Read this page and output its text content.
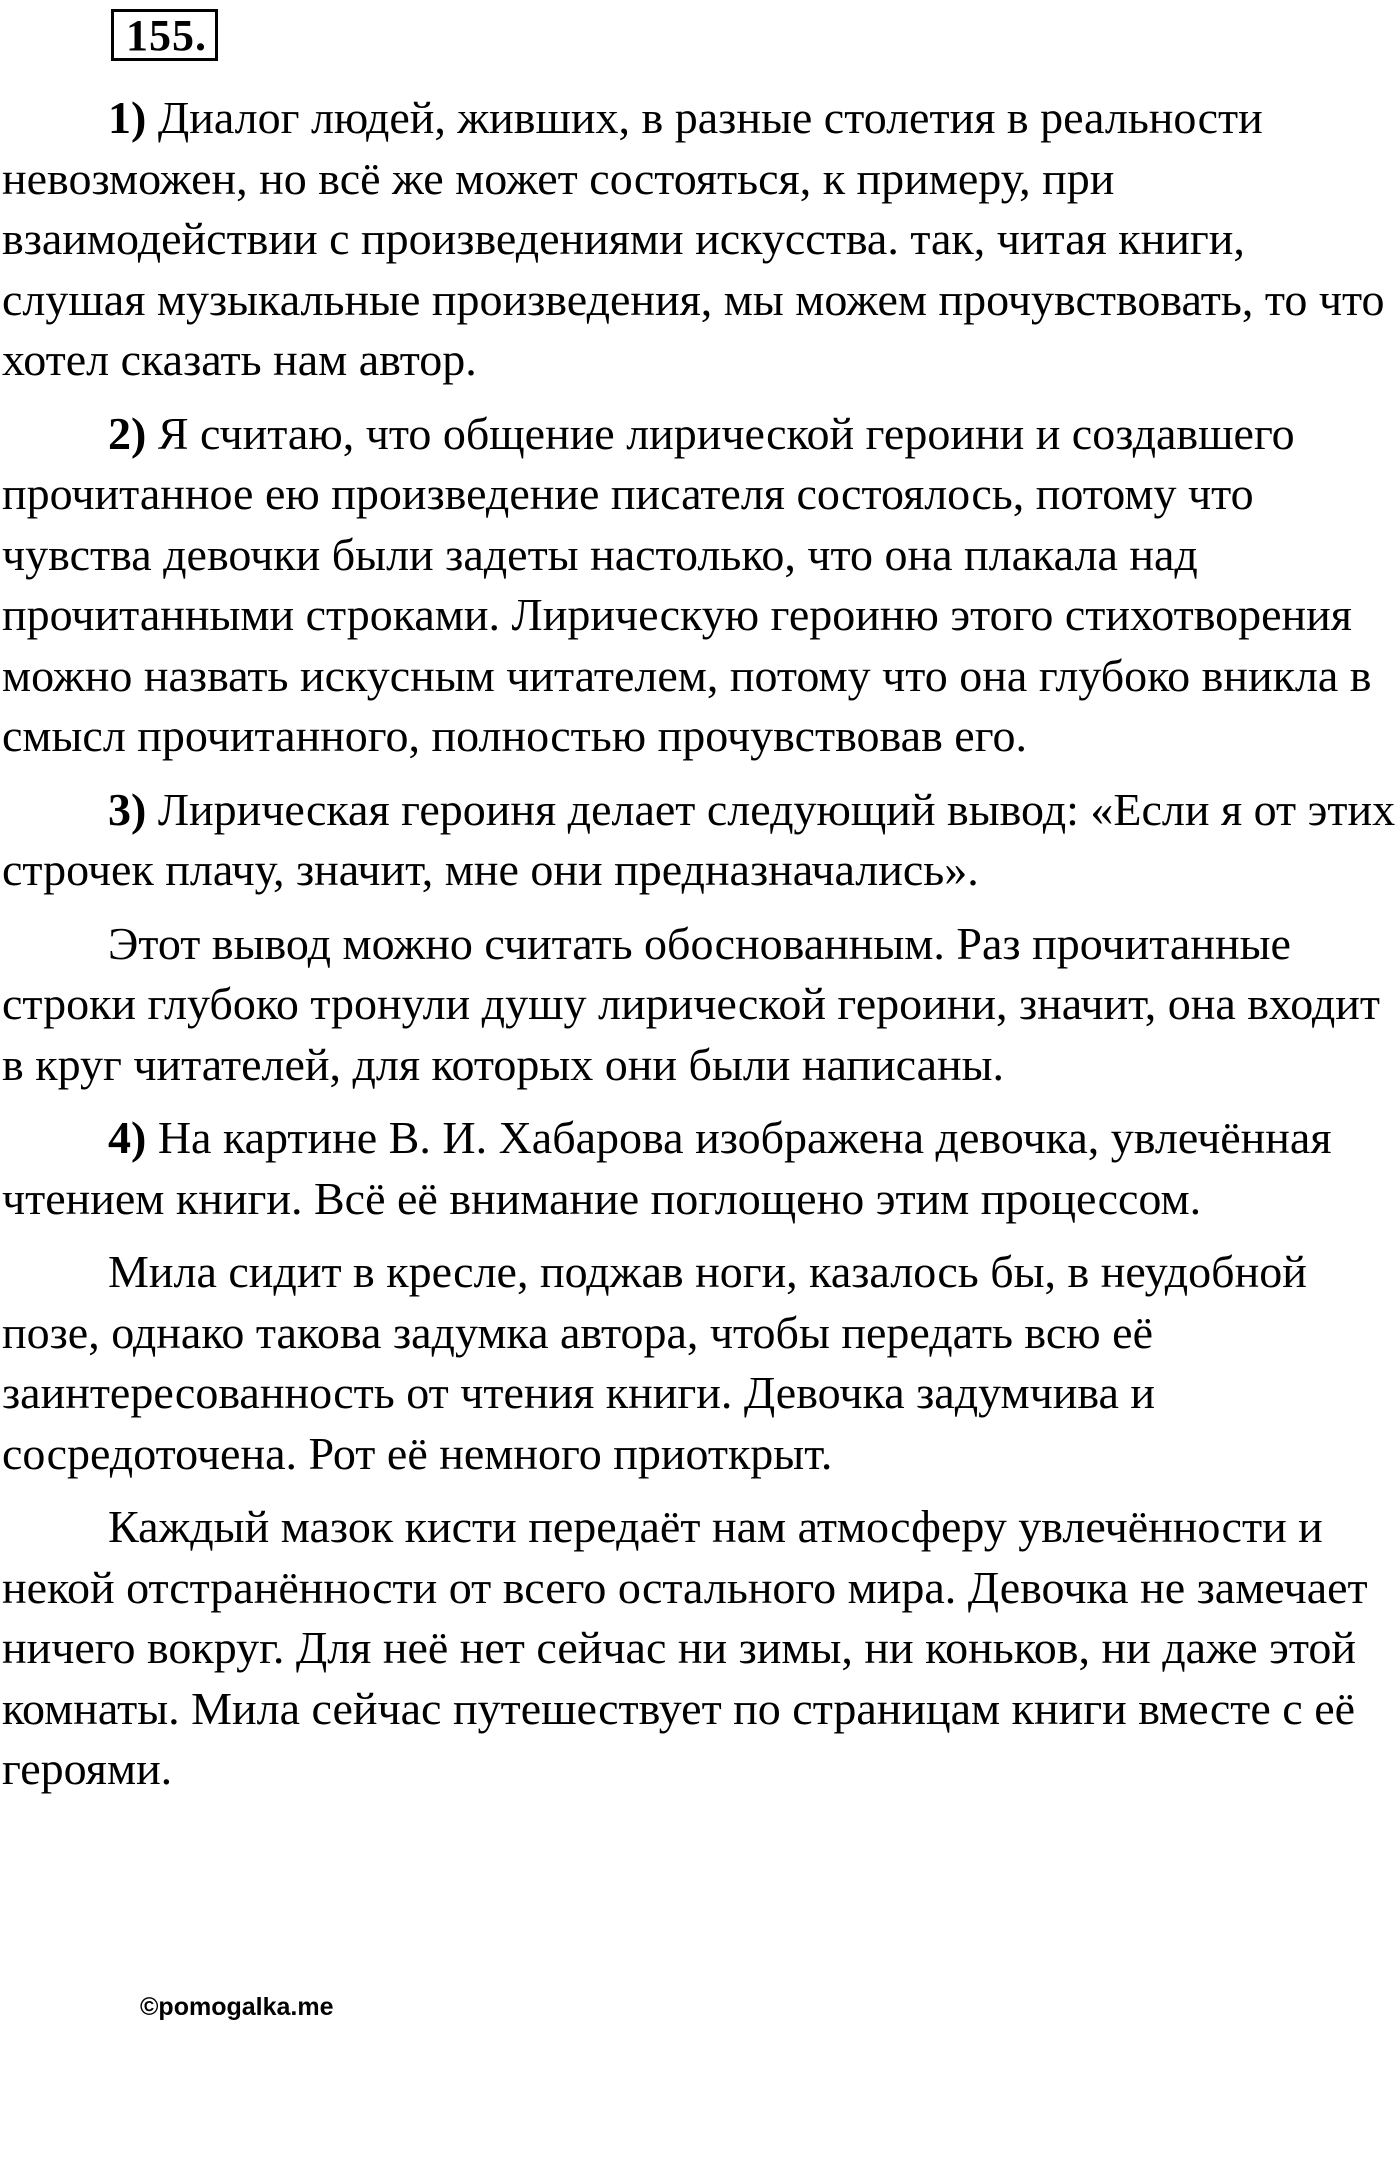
155.

1) Диалог людей, живших, в разные столетия в реальности невозможен, но всё же может состояться, к примеру, при взаимодействии с произведениями искусства. так, читая книги, слушая музыкальные произведения, мы можем прочувствовать, то что хотел сказать нам автор.

2) Я считаю, что общение лирической героини и создавшего прочитанное ею произведение писателя состоялось, потому что чувства девочки были задеты настолько, что она плакала над прочитанными строками. Лирическую героиню этого стихотворения можно назвать искусным читателем, потому что она глубоко вникла в смысл прочитанного, полностью прочувствовав его.

3) Лирическая героиня делает следующий вывод: «Если я от этих строчек плачу, значит, мне они предназначались».

Этот вывод можно считать обоснованным. Раз прочитанные строки глубоко тронули душу лирической героини, значит, она входит в круг читателей, для которых они были написаны.

4) На картине В. И. Хабарова изображена девочка, увлечённая чтением книги. Всё её внимание поглощено этим процессом.

Мила сидит в кресле, поджав ноги, казалось бы, в неудобной позе, однако такова задумка автора, чтобы передать всю её заинтересованность от чтения книги. Девочка задумчива и сосредоточена. Рот её немного приоткрыт.

Каждый мазок кисти передаёт нам атмосферу увлечённости и некой отстранённости от всего остального мира. Девочка не замечает ничего вокруг. Для неё нет сейчас ни зимы, ни коньков, ни даже этой комнаты. Мила сейчас путешествует по страницам книги вместе с её героями.

©pomogalka.me
